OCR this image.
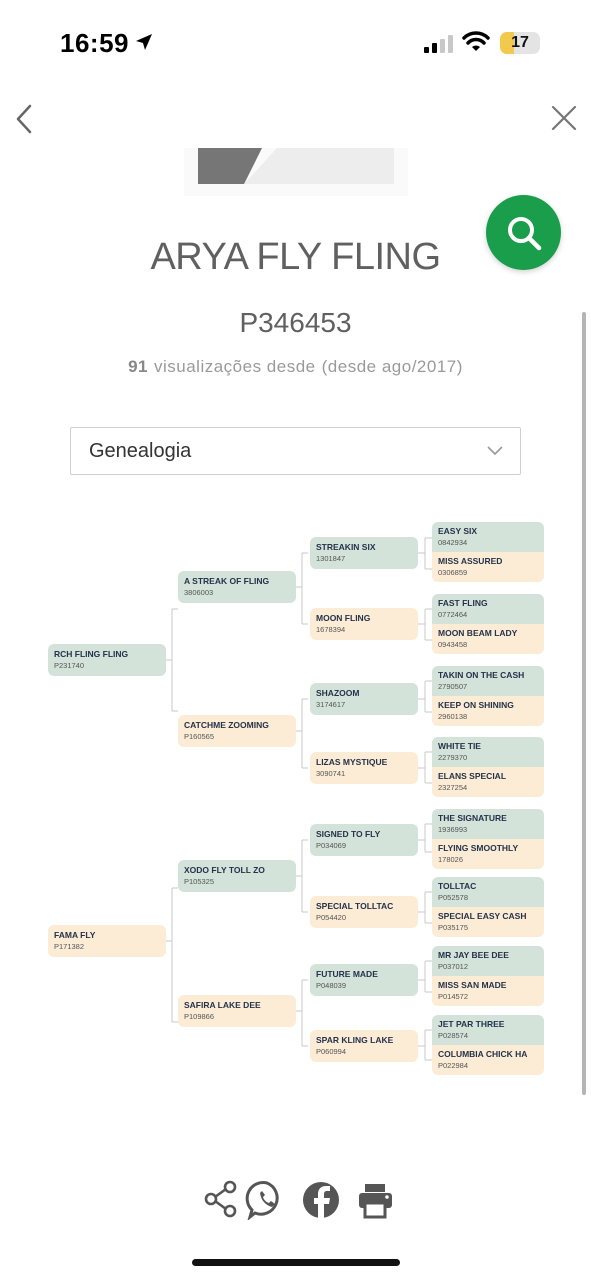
16:59	17
ARYA FLY FLING
P346453
91 visualizações desde (desde ago/2017)
Genealogia
RCH FLING FLING
P231740
FAMA FLY
P171382
A STREAK OF FLING
3806003
CATCHME ZOOMING
P160565
XODO FLY TOLL ZO
P105325
SAFIRA LAKE DEE
P109866
STREAKIN SIX
1301847
MOON FLING
1678394
SHAZOOM
3174617
LIZAS MYSTIQUE
3090741
SIGNED TO FLY
P034069
SPECIAL TOLLTAC
P054420
FUTURE MADE
P048039
SPAR KLING LAKE
P060994
EASY SIX
0842934
MISS ASSURED
0306859
FAST FLING
0772464
MOON BEAM LADY
0943458
TAKIN ON THE CASH
2790507
KEEP ON SHINING
2960138
WHITE TIE
2279370
ELANS SPECIAL
2327254
THE SIGNATURE
1936993
FLYING SMOOTHLY
178026
TOLLTAC
P052578
SPECIAL EASY CASH
P035175
MR JAY BEE DEE
P037012
MISS SAN MADE
P014572
JET PAR THREE
P028574
COLUMBIA CHICK HA
P022984
